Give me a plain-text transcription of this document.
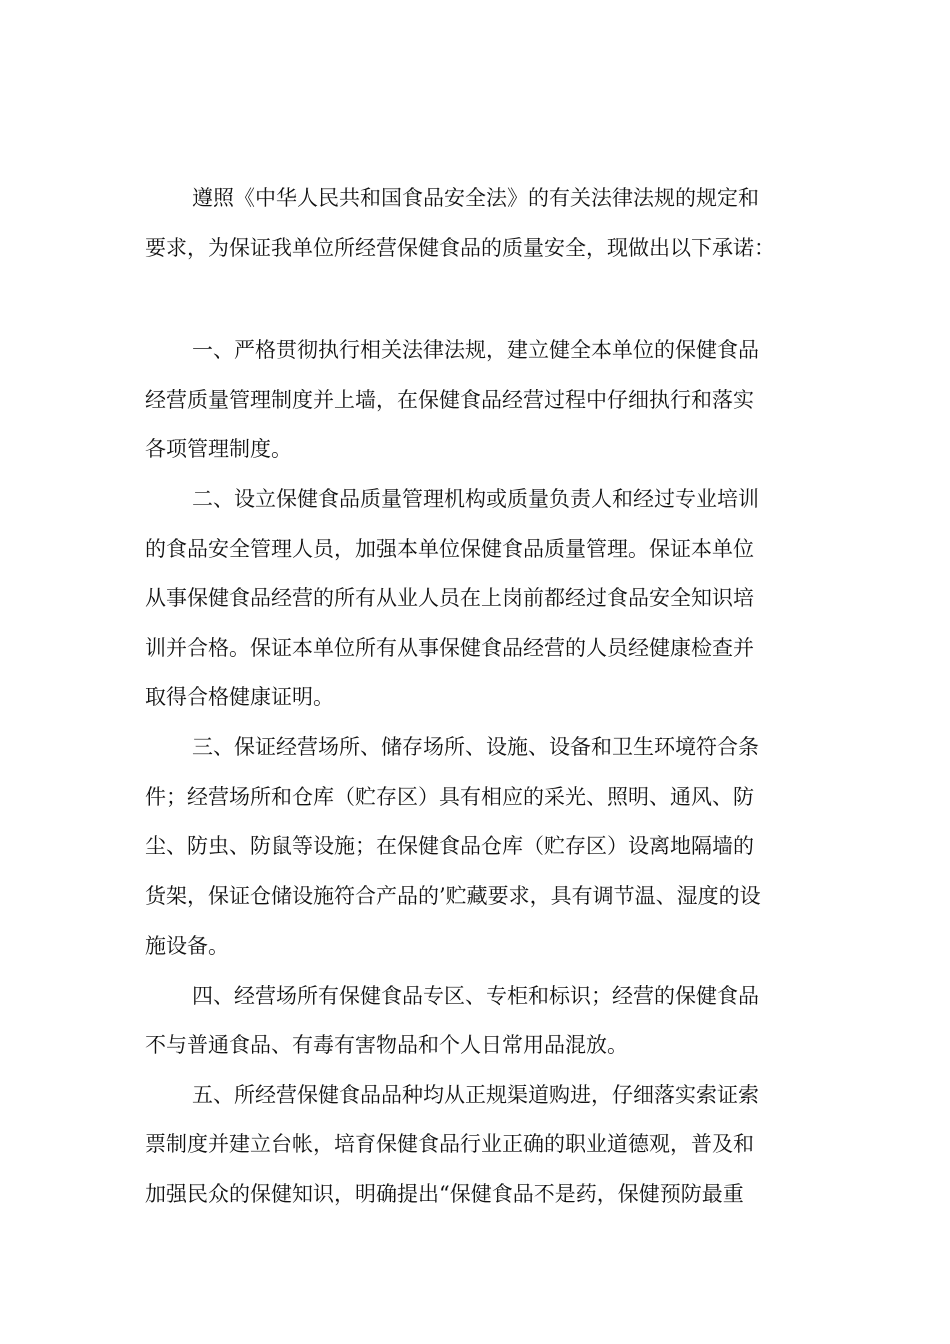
遵照《中华人民共和国食品安全法》的有关法律法规的规定和
要求，为保证我单位所经营保健食品的质量安全，现做出以下承诺：
一、严格贯彻执行相关法律法规，建立健全本单位的保健食品
经营质量管理制度并上墙，在保健食品经营过程中仔细执行和落实
各项管理制度。
二、设立保健食品质量管理机构或质量负责人和经过专业培训
的食品安全管理人员，加强本单位保健食品质量管理。保证本单位
从事保健食品经营的所有从业人员在上岗前都经过食品安全知识培
训并合格。保证本单位所有从事保健食品经营的人员经健康检查并
取得合格健康证明。
三、保证经营场所、储存场所、设施、设备和卫生环境符合条
件；经营场所和仓库（贮存区）具有相应的采光、照明、通风、防
尘、防虫、防鼠等设施；在保健食品仓库（贮存区）设离地隔墙的
货架，保证仓储设施符合产品的’贮藏要求，具有调节温、湿度的设
施设备。
四、经营场所有保健食品专区、专柜和标识；经营的保健食品
不与普通食品、有毒有害物品和个人日常用品混放。
五、所经营保健食品品种均从正规渠道购进，仔细落实索证索
票制度并建立台帐，培育保健食品行业正确的职业道德观，普及和
加强民众的保健知识，明确提出“保健食品不是药，保健预防最重
